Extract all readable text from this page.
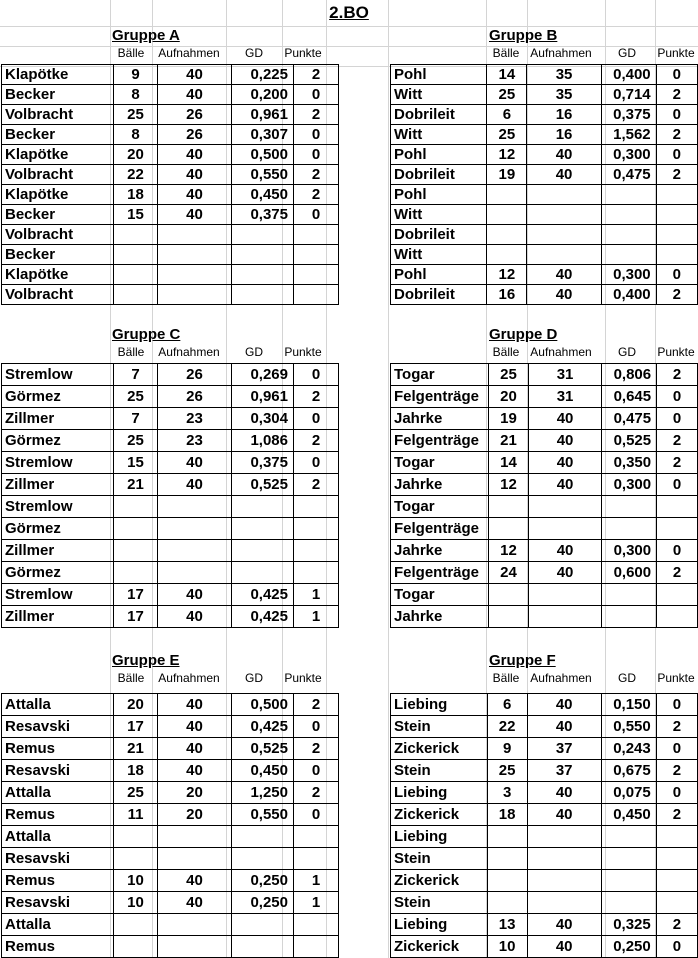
2.BO
Gruppe A
Bälle	Aufnahmen	GD	Punkte
Klapötke	9	40	0,225	2
Becker	8	40	0,200	0
Volbracht	25	26	0,961	2
Becker	8	26	0,307	0
Klapötke	20	40	0,500	0
Volbracht	22	40	0,550	2
Klapötke	18	40	0,450	2
Becker	15	40	0,375	0
Volbracht				
Becker				
Klapötke				
Volbracht				
Gruppe B
Bälle Aufnahmen	GD	Punkte
Pohl	14	35	0,400	0
Witt	25	35	0,714	2
Dobrileit	6	16	0,375	0
Witt	25	16	1,562	2
Pohl	12	40	0,300	0
Dobrileit	19	40	0,475	2
Pohl				
Witt				
Dobrileit				
Witt				
Pohl	12	40	0,300	0
Dobrileit	16	40	0,400	2
Gruppe C
Bälle	Aufnahmen	GD	Punkte
Stremlow	7	26	0,269	0
Görmez	25	26	0,961	2
Zillmer	7	23	0,304	0
Görmez	25	23	1,086	2
Stremlow	15	40	0,375	0
Zillmer	21	40	0,525	2
Stremlow				
Görmez				
Zillmer				
Görmez				
Stremlow	17	40	0,425	1
Zillmer	17	40	0,425	1
Gruppe D
Bälle Aufnahmen	GD	Punkte
Togar	25	31	0,806	2
Felgenträge	20	31	0,645	0
Jahrke	19	40	0,475	0
Felgenträge	21	40	0,525	2
Togar	14	40	0,350	2
Jahrke	12	40	0,300	0
Togar				
Felgenträge				
Jahrke	12	40	0,300	0
Felgenträge	24	40	0,600	2
Togar				
Jahrke				
Gruppe E
Bälle	Aufnahmen	GD	Punkte
Attalla	20	40	0,500	2
Resavski	17	40	0,425	0
Remus	21	40	0,525	2
Resavski	18	40	0,450	0
Attalla	25	20	1,250	2
Remus	11	20	0,550	0
Attalla				
Resavski				
Remus	10	40	0,250	1
Resavski	10	40	0,250	1
Attalla				
Remus				
Gruppe F
Bälle Aufnahmen	GD	Punkte
Liebing	6	40	0,150	0
Stein	22	40	0,550	2
Zickerick	9	37	0,243	0
Stein	25	37	0,675	2
Liebing	3	40	0,075	0
Zickerick	18	40	0,450	2
Liebing				
Stein				
Zickerick				
Stein				
Liebing	13	40	0,325	2
Zickerick	10	40	0,250	0
